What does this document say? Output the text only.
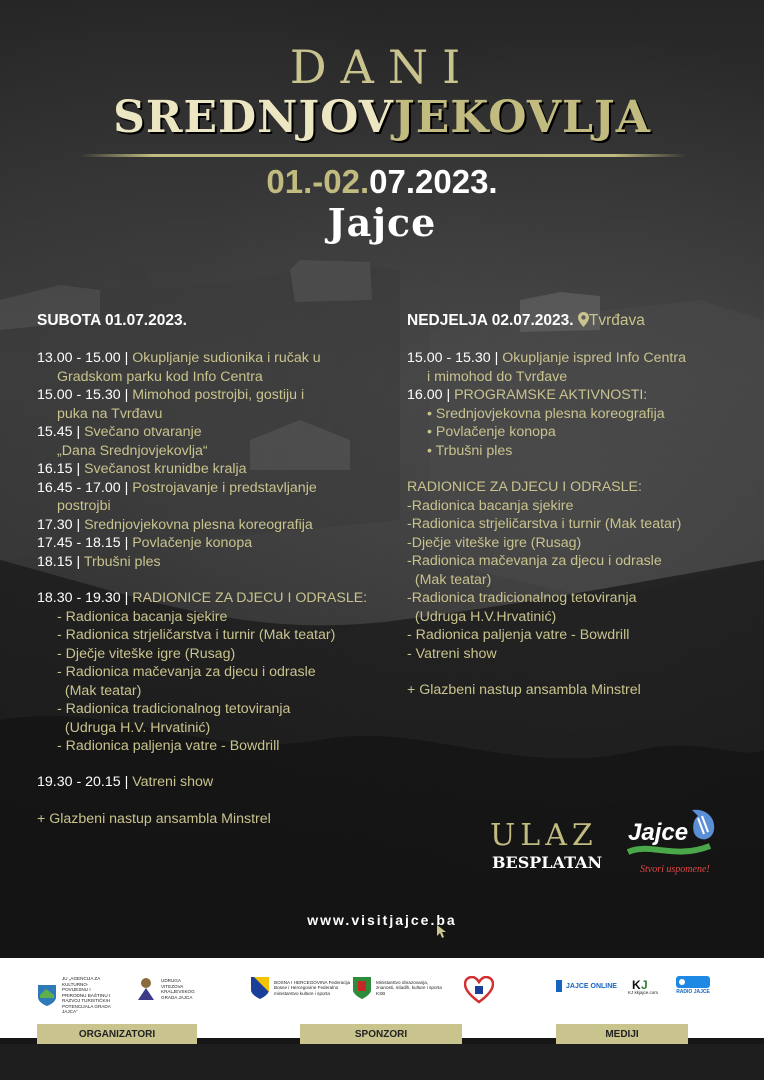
DANI
SREDNJOVJEKOVLJA
01.-02.07.2023.
Jajce
SUBOTA 01.07.2023.
13.00 - 15.00 | Okupljanje sudionika i ručak u
Gradskom parku kod Info Centra
15.00 - 15.30 | Mimohod postrojbi, gostiju i
puka na Tvrđavu
15.45 | Svečano otvaranje
„Dana Srednjovjekovlja“
16.15 | Svečanost krunidbe kralja
16.45 - 17.00 | Postrojavanje i predstavljanje
postrojbi
17.30 | Srednjovjekovna plesna koreografija
17.45 - 18.15 | Povlačenje konopa
18.15 | Trbušni ples
18.30 - 19.30 | RADIONICE ZA DJECU I ODRASLE:
- Radionica bacanja sjekire
- Radionica strjeličarstva i turnir (Mak teatar)
- Dječje viteške igre (Rusag)
- Radionica mačevanja za djecu i odrasle
(Mak teatar)
- Radionica tradicionalnog tetoviranja
(Udruga H.V. Hrvatinić)
- Radionica paljenja vatre - Bowdrill
19.30 - 20.15 | Vatreni show
+ Glazbeni nastup ansambla Minstrel
NEDJELJA 02.07.2023. Tvrđava
15.00 - 15.30 | Okupljanje ispred Info Centra
i mimohod do Tvrđave
16.00 | PROGRAMSKE AKTIVNOSTI:
• Srednjovjekovna plesna koreografija
• Povlačenje konopa
• Trbušni ples
RADIONICE ZA DJECU I ODRASLE:
-Radionica bacanja sjekire
-Radionica strjeličarstva i turnir (Mak teatar)
-Dječje viteške igre (Rusag)
-Radionica mačevanja za djecu i odrasle
(Mak teatar)
-Radionica tradicionalnog tetoviranja
(Udruga H.V.Hrvatinić)
- Radionica paljenja vatre - Bowdrill
- Vatreni show
+ Glazbeni nastup ansambla Minstrel
ULAZ
BESPLATAN
Jajce
Stvori uspomene!
www.visitjajce.ba
JU „AGENCIJA ZA KULTURNO-POVIJESNU I PRIRODNU BAŠTINU I RAZVOJ TURISTIČKIH POTENCIJALA GRADA JAJCA“
UDRUGA VITEZOVA KRALJEVSKOG GRADA JAJCA
BOSNA I HERCEGOVINA Federacija Bosne i Hercegovine Federalno ministarstvo kulture i sporta
Ministarstvo obrazovanja, znanosti, mladih, kulture i sporta KSB
JAJCE ONLINE K J
KJ kkjajce.com	RADIO JAJCE
ORGANIZATORI	SPONZORI	MEDIJI
